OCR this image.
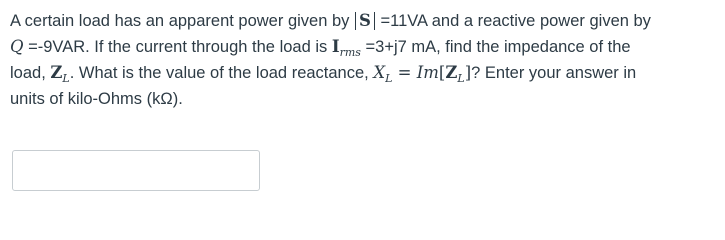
A certain load has an apparent power given by S =11VA and a reactive power given by
Q =-9VAR. If the current through the load is $I_{rms} =3+j7$ mA, find the impedance of the
load, $Z_L$. What is the value of the load reactance, $X_L = Im[Z_L]$? Enter your answer in
units of kilo-Ohms (kΩ).
